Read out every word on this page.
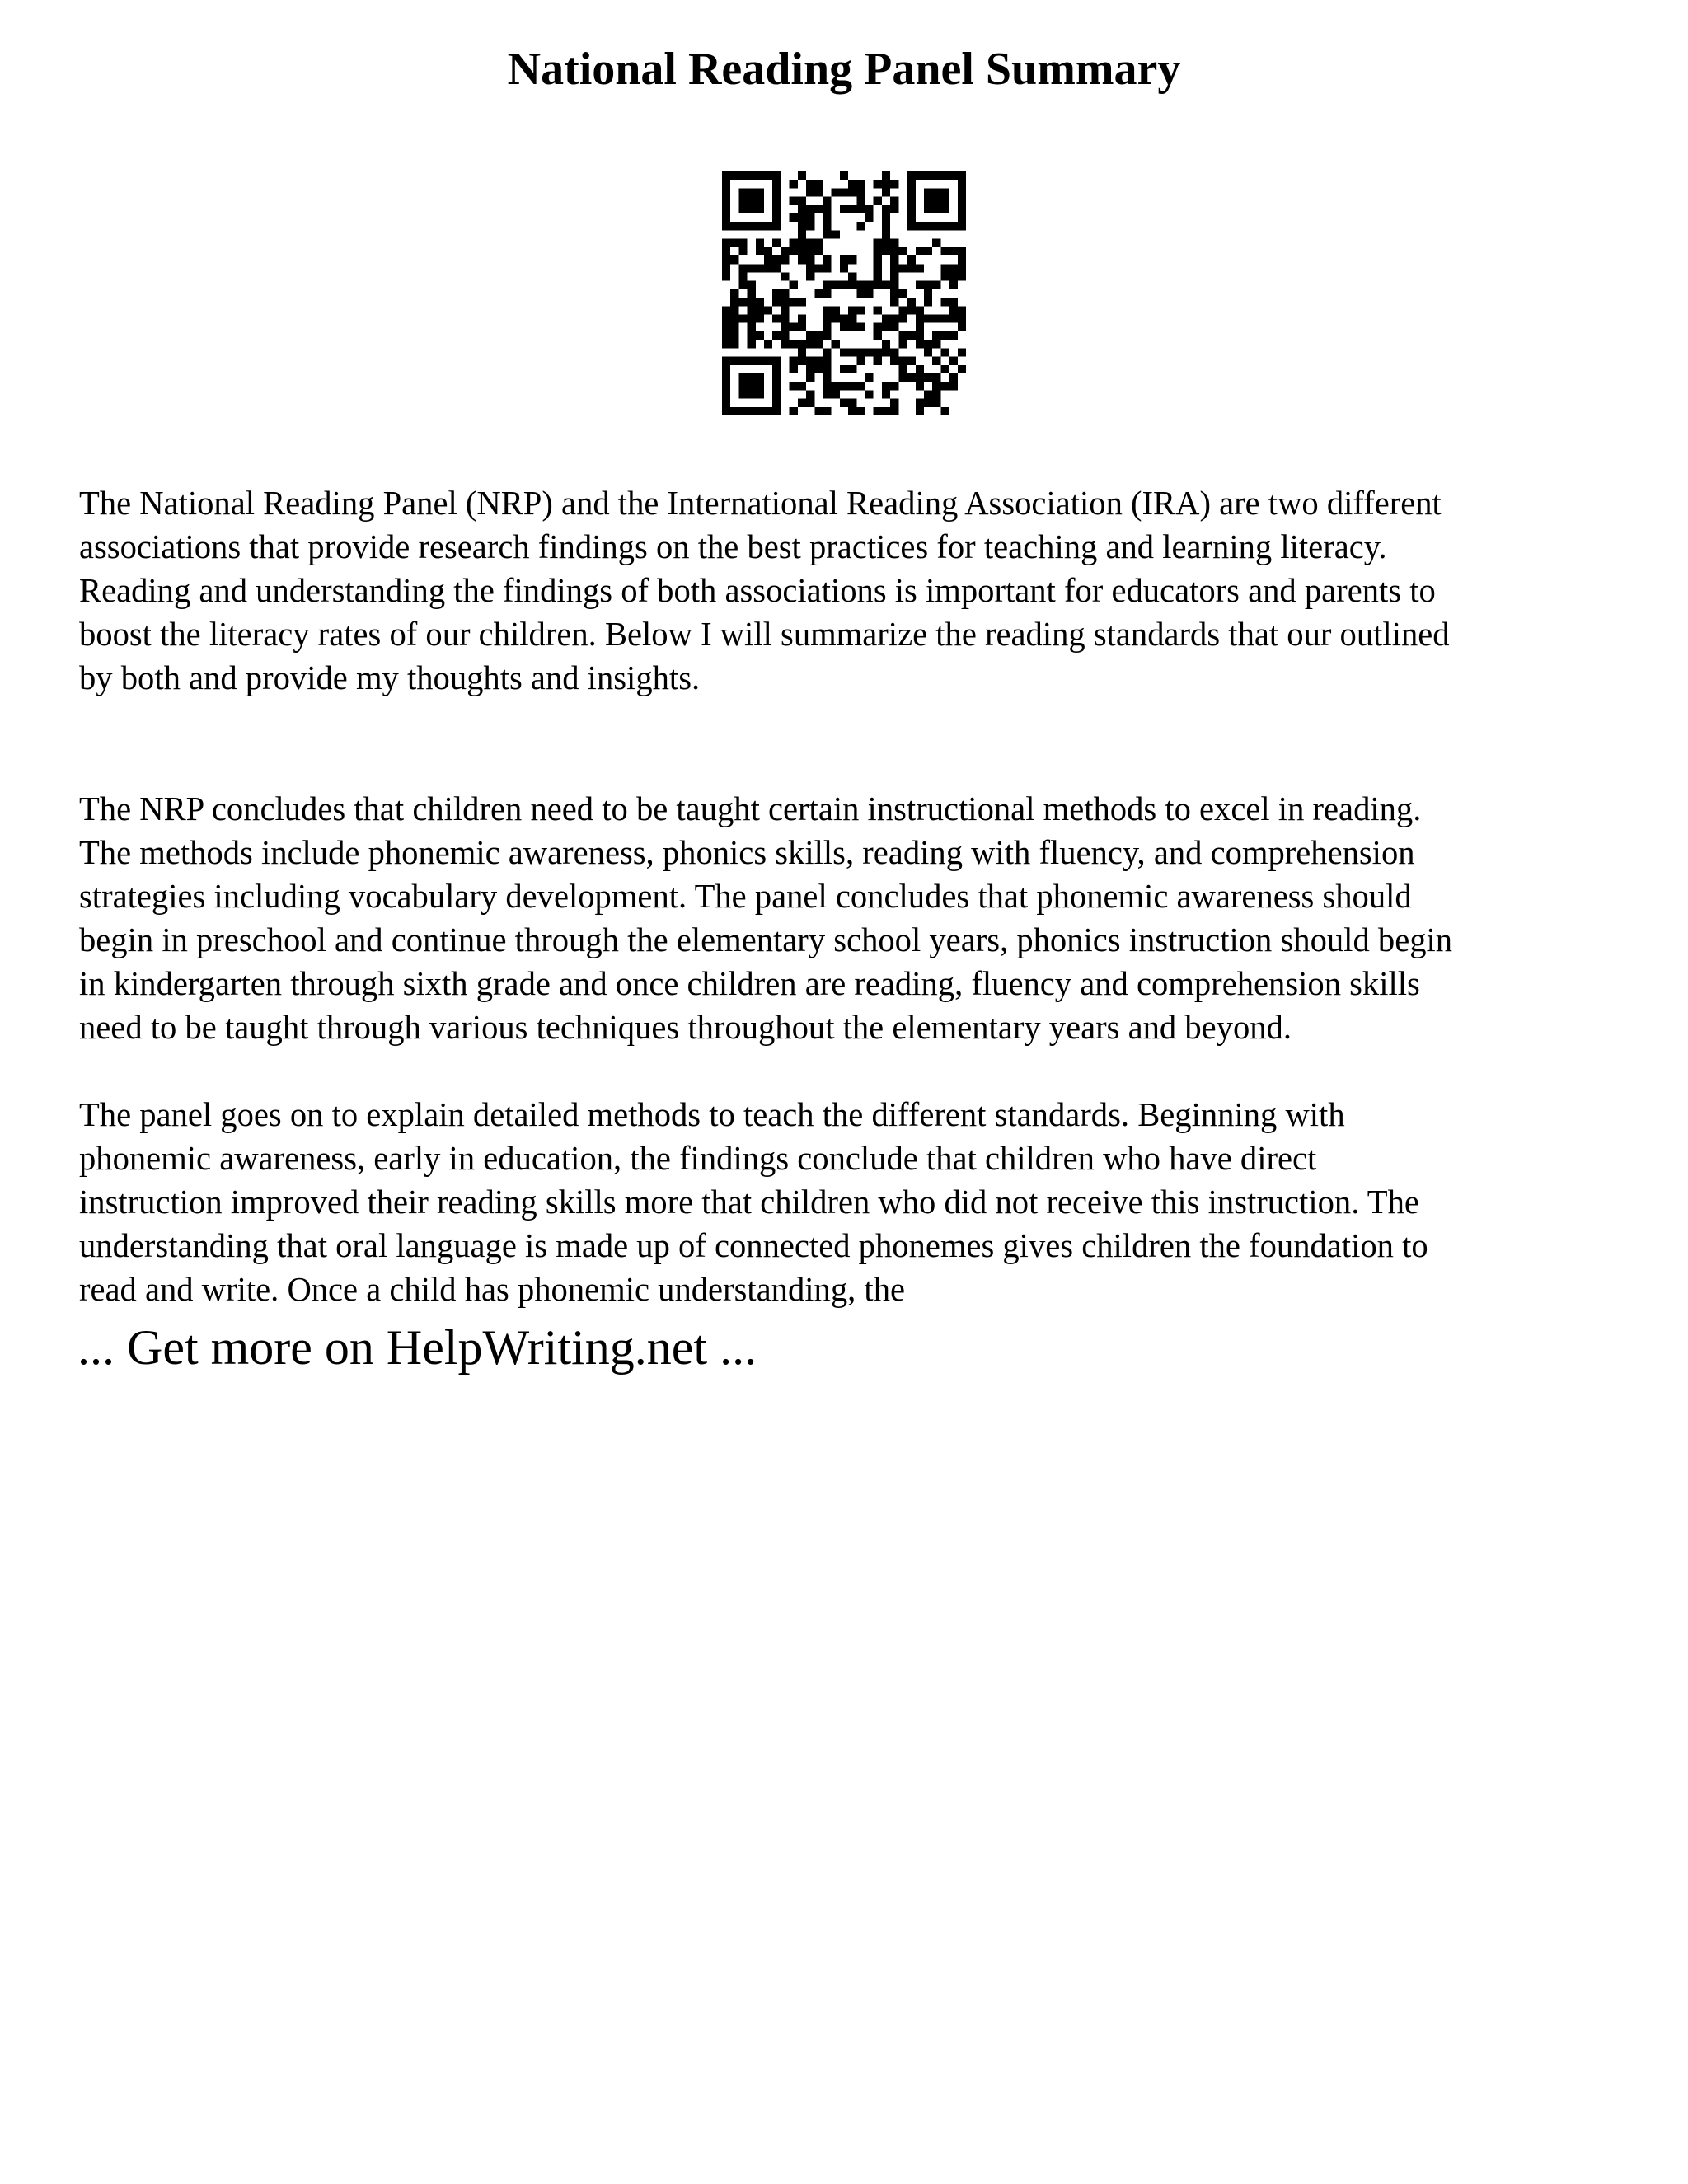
National Reading Panel Summary
The National Reading Panel (NRP) and the International Reading Association (IRA) are two different
associations that provide research findings on the best practices for teaching and learning literacy.
Reading and understanding the findings of both associations is important for educators and parents to
boost the literacy rates of our children. Below I will summarize the reading standards that our outlined
by both and provide my thoughts and insights.
The NRP concludes that children need to be taught certain instructional methods to excel in reading.
The methods include phonemic awareness, phonics skills, reading with fluency, and comprehension
strategies including vocabulary development. The panel concludes that phonemic awareness should
begin in preschool and continue through the elementary school years, phonics instruction should begin
in kindergarten through sixth grade and once children are reading, fluency and comprehension skills
need to be taught through various techniques throughout the elementary years and beyond.
The panel goes on to explain detailed methods to teach the different standards. Beginning with
phonemic awareness, early in education, the findings conclude that children who have direct
instruction improved their reading skills more that children who did not receive this instruction. The
understanding that oral language is made up of connected phonemes gives children the foundation to
read and write. Once a child has phonemic understanding, the
... Get more on HelpWriting.net ...
